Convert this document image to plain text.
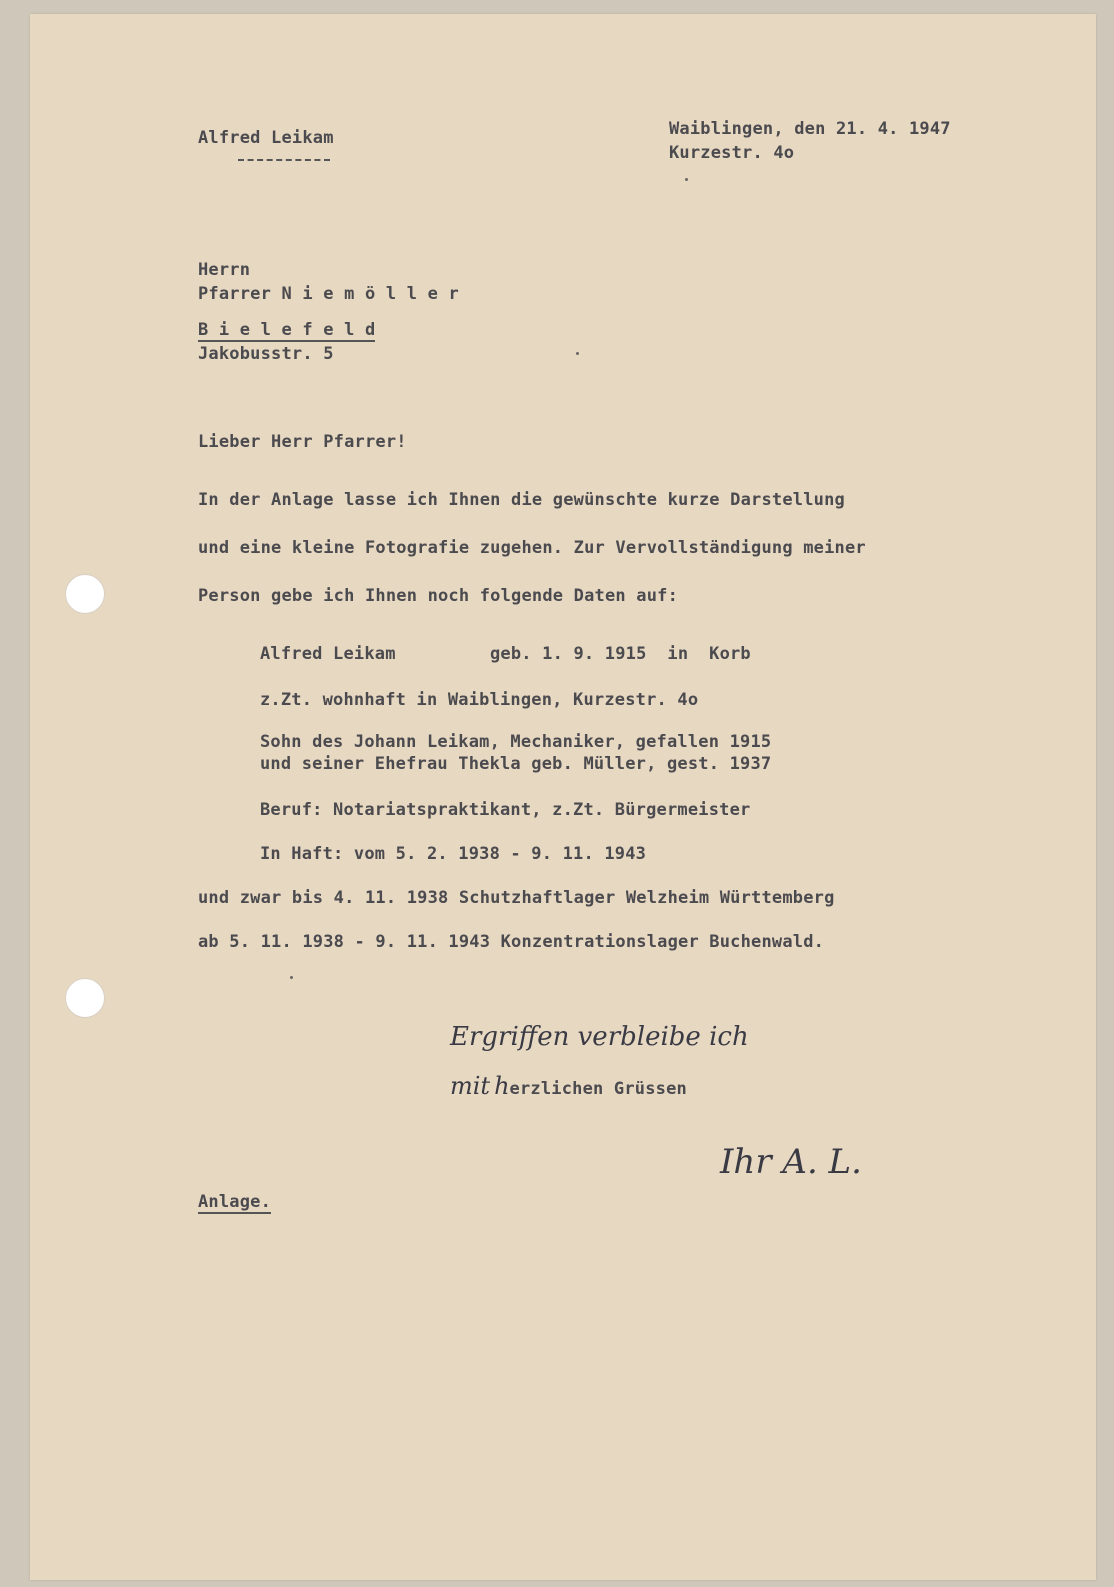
Alfred Leikam	Waiblingen, den 21. 4. 1947
Kurzestr. 4o
Herrn
Pfarrer N i e m ö l l e r
B i e l e f e l d
Jakobusstr. 5
Lieber Herr Pfarrer!
In der Anlage lasse ich Ihnen die gewünschte kurze Darstellung
und eine kleine Fotografie zugehen. Zur Vervollständigung meiner
Person gebe ich Ihnen noch folgende Daten auf:
Alfred Leikam	geb. 1. 9. 1915  in  Korb
z.Zt. wohnhaft in Waiblingen, Kurzestr. 4o
Sohn des Johann Leikam, Mechaniker, gefallen 1915
und seiner Ehefrau Thekla geb. Müller, gest. 1937
Beruf: Notariatspraktikant, z.Zt. Bürgermeister
In Haft: vom 5. 2. 1938 - 9. 11. 1943
und zwar bis 4. 11. 1938 Schutzhaftlager Welzheim Württemberg
ab 5. 11. 1938 - 9. 11. 1943 Konzentrationslager Buchenwald.
Ergriffen verbleibe ich
mit herzlichen Grüssen
Ihr A. L.
Anlage.
